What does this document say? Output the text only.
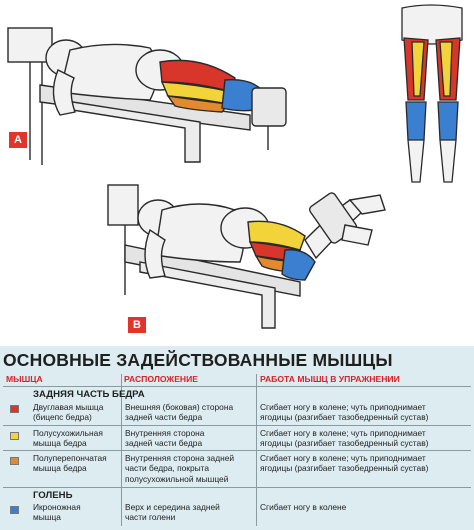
A
B
ОСНОВНЫЕ ЗАДЕЙСТВОВАННЫЕ МЫШЦЫ
МЫШЦА	РАСПОЛОЖЕНИЕ	РАБОТА МЫШЦ В УПРАЖНЕНИИ
ЗАДНЯЯ ЧАСТЬ БЕДРА
Двуглавая мышца
(бицепс бедра)
Внешняя (боковая) сторона
задней части бедра
Сгибает ногу в колене; чуть приподнимает
ягодицы (разгибает тазобедренный сустав)
Полусухожильная
мышца бедра
Внутренняя сторона
задней части бедра
Сгибает ногу в колене; чуть приподнимает
ягодицы (разгибает тазобедренный сустав)
Полуперепончатая
мышца бедра
Внутренняя сторона задней
части бедра, покрыта
полусухожильной мышцей
Сгибает ногу в колене; чуть приподнимает
ягодицы (разгибает тазобедренный сустав)
ГОЛЕНЬ
Икроножная
мышца
Верх и середина задней
части голени
Сгибает ногу в колене
